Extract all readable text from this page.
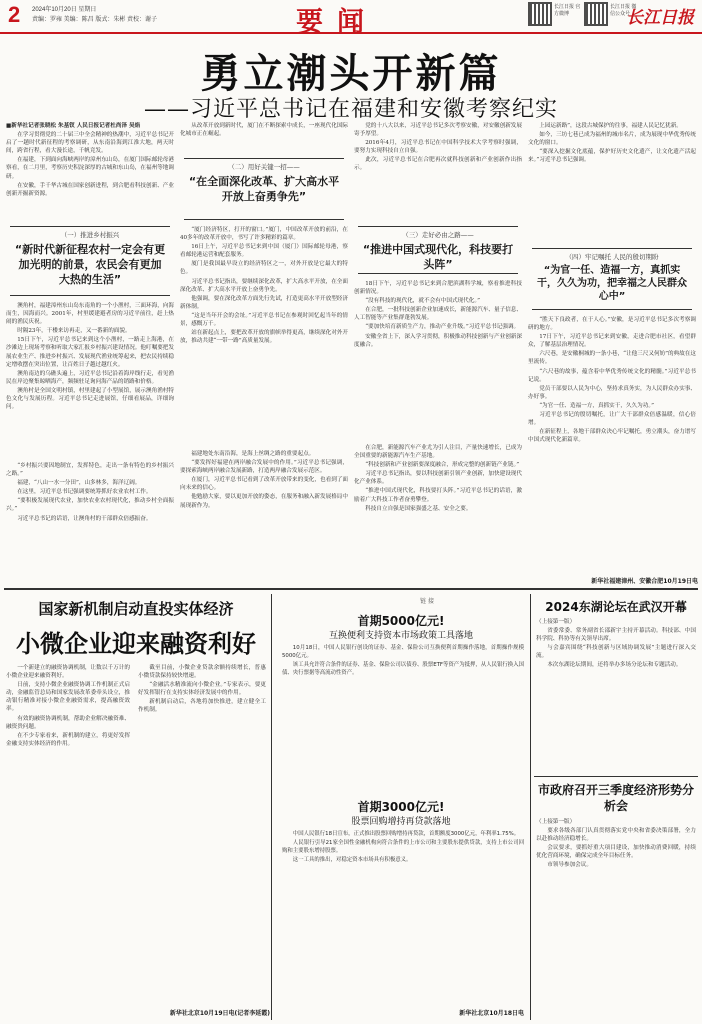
2 2024年10月20日 星期日
责编：罗雍 美编：陈昌 版式：朱彬 责校：谢子	要闻	长江日报 官方微博
长江日报 微信公众号
长江日报
勇立潮头开新篇
——习近平总书记在福建和安徽考察纪实

■新华社记者张晓松 朱基钗 人民日报记者杜尚泽 吴焰

在学习贯彻党的二十届三中全会精神的热潮中，习近平总书记开启了一趟时代新征程的考察调研，从东南沿海到江淮大地，两天时间，跨省行程，看大漫长途，千帆竞发。

在福建，下到面向海峡两岸的漳州东山岛，在厦门国际邮轮母港察看，在二月里，考察历史积淀深厚的古城和东山岛，在福州等地调研。

在安徽，手千华古城在国家创新进程，到合肥看科技创新、产业创新开掘新资源。

（一）推进乡村振兴
“新时代新征程农村一定会有更加光明的前景，农民会有更加大热的生活”

澳角村，福建漳州东山岛东南角的一个小渔村，三面环海，向海而生，因海而兴。2001年，村里缓建避者房的习近平前往，赶上热闹的渔民庆祝。

时隔23年，干楼来访再走，又一番新的面貌。

15日下午，习近平总书记来到这个小渔村，一路走上海港，在沙滩边上现场考察和听取大家汇报乡村振兴建设情况。他叮嘱要把发展农业生产、推进乡村振兴、发展现代渔业统筹起来，把农民持续稳定增收摆在突出位置，让百姓日子越过越红火。

澳角南边的乌礁头遍上，习近平总书记沿着海岸线行走，看见渔民在岸边聚集晾晒海产，频频驻足询问海产品的销路和价格。

澳角村是全国文明村镇，村里建起了小型展馆，展示澳角渔村特色文化与发展历程。习近平总书记走进展馆，仔细看展品，详细询问。

“乡村振兴要因地制宜，发挥特色，走出一条有特色的乡村振兴之路。”

福建，“八山一水一分田”，山多林多，海洋辽阔。

在这里，习近平总书记强调要统筹抓好农业农村工作。

“要积极发展现代农业，加快农业农村现代化，推动乡村全面振兴。”

习近平总书记的话语，让澳角村的干部群众倍感振奋。

从改革开放到新时代，厦门在不断探索中成长，一座现代化国际化城市正在崛起。

（二）用好关键一招——
“在全面深化改革、扩大高水平开放上奋勇争先”

“厦门经济特区，打开的窗口。”厦门，中国改革开放的前沿，在40多年的改革开放中，书写了许多精彩的篇章。

16日上午，习近平总书记来到中国（厦门）国际邮轮母港，察看邮轮港运营和配套服务。

厦门是我国最早设立的经济特区之一，对外开放是它最大的特色。

习近平总书记指出，要继续深化改革，扩大高水平开放，在全面深化改革、扩大高水平开放上奋勇争先。

他强调，要在深化改革方面先行先试，打造更高水平开放型经济新体制。

“这是当年开会的会址。”习近平总书记在参观时回忆起当年的情景，感慨万千。

站在新起点上，要把改革开放的旗帜举得更高，继续深化对外开放，推动共建“一带一路”高质量发展。

福建地处东南沿海，是海上丝绸之路的重要起点。

“要发挥好福建在两岸融合发展中的作用。”习近平总书记强调，要探索海峡两岸融合发展新路，打造两岸融合发展示范区。

在厦门，习近平总书记看到了改革开放带来的变化，也看到了面向未来的信心。

他勉励大家，要以更加开放的姿态，在服务和融入新发展格局中展现新作为。

党的十八大以来，习近平总书记多次考察安徽，对安徽创新发展寄予厚望。

2016年4月，习近平总书记在中国科学技术大学考察时强调，要努力实现科技自立自强。

此次，习近平总书记在合肥再次就科技创新和产业创新作出指示。

（三）走好必由之路——
“推进中国式现代化，科技要打头阵”

18日下午，习近平总书记来到合肥滨湖科学城，察看推进科技创新情况。

“没有科技的现代化，就不会有中国式现代化。”

在合肥，一批科技创新企业加速成长，新能源汽车、量子信息、人工智能等产业集群蓬勃发展。

“要加快培育新质生产力，推动产业升级。”习近平总书记强调。

安徽全省上下，深入学习贯彻，积极推动科技创新与产业创新深度融合。

在合肥，新能源汽车产业尤为引人注目，产量快速增长，已成为全国重要的新能源汽车生产基地。

“科技创新和产业创新要深度融合，形成完整的创新链产业链。”

习近平总书记指出，要以科技创新引领产业创新，加快建设现代化产业体系。

“推进中国式现代化，科技要打头阵。”习近平总书记的话语，激励着广大科技工作者奋勇攀登。

科技自立自强是国家强盛之基、安全之要。

上园运新路”，这段古城保护的往事，福建人民记忆犹新。

如今，三坊七巷已成为福州的城市名片，成为展现中华优秀传统文化的窗口。

“要深入挖掘文化底蕴，保护好历史文化遗产，让文化遗产活起来。”习近平总书记强调。

（四）牢记嘱托 人民的殷切期盼
“为官一任、造福一方，真抓实干，久久为功，把幸福之人民群众心中”

“胜天下良政者，在于人心。”安徽，是习近平总书记多次考察调研的地方。

17日下午，习近平总书记来到安徽，走进合肥市社区，看望群众，了解基层治理情况。

六尺巷，是安徽桐城的一条小巷，“让他三尺又何妨”的典故在这里流传。

“六尺巷的故事，蕴含着中华优秀传统文化的精髓。”习近平总书记说。

党员干部要以人民为中心，坚持求真务实，为人民群众办实事、办好事。

“为官一任、造福一方，真抓实干，久久为功。”

习近平总书记的殷切嘱托，让广大干部群众倍感温暖，信心倍增。

在新征程上，各地干部群众决心牢记嘱托，勇立潮头，奋力谱写中国式现代化新篇章。

新华社福建漳州、安徽合肥10月19日电
国家新机制启动直投实体经济
小微企业迎来融资利好

一个新建立的融资协调机制，让数以千万计的小微企业迎来融资利好。

日前，支持小微企业融资协调工作机制正式启动，金融监管总局和国家发展改革委牵头设立，推动银行精准对接小微企业融资需求，提高融资效率。

有效的融资协调机制，帮助企业解决融资难、融资贵问题。

在不少专家看来，新机制的建立，将更好发挥金融支持实体经济的作用。

截至目前，小微企业贷款余额持续增长，普惠小微贷款保持较快增速。

“金融活水精准流向小微企业。”专家表示，要更好发挥银行在支持实体经济发展中的作用。

新机制启动后，各地将加快推进，建立健全工作机制。

新华社北京10月19日电(记者李延霞)
链接
首期5000亿元!
互换便利支持资本市场政策工具落地

10月18日，中国人民银行创设的证券、基金、保险公司互换便利首期操作落地，首期操作规模5000亿元。

该工具允许符合条件的证券、基金、保险公司以债券、股票ETF等资产为抵押，从人民银行换入国债、央行票据等高流动性资产。

首期3000亿元!
股票回购增持再贷款落地

中国人民银行18日宣布，正式推出股票回购增持再贷款，首期额度3000亿元，年利率1.75%。

人民银行引导21家全国性金融机构向符合条件的上市公司和主要股东提供贷款，支持上市公司回购和主要股东增持股票。

这一工具的推出，对稳定资本市场具有积极意义。

新华社北京10月18日电
2024东湖论坛在武汉开幕

（上接第一版）

省委常委、常务副省长邵新宇主持开幕活动。科技部、中国科学院、科协等有关领导出席。

与会嘉宾围绕“科技创新与区域协调发展”主题进行深入交流。

本次东湖论坛期间，还将举办多场分论坛和专题活动。

市政府召开三季度经济形势分析会

（上接第一版）

要求各级各部门认真贯彻落实党中央和省委决策部署，全力以赴推动经济稳增长。

会议要求，要抓好重大项目建设，加快推动消费回暖，持续优化营商环境，确保完成全年目标任务。

市领导参加会议。
